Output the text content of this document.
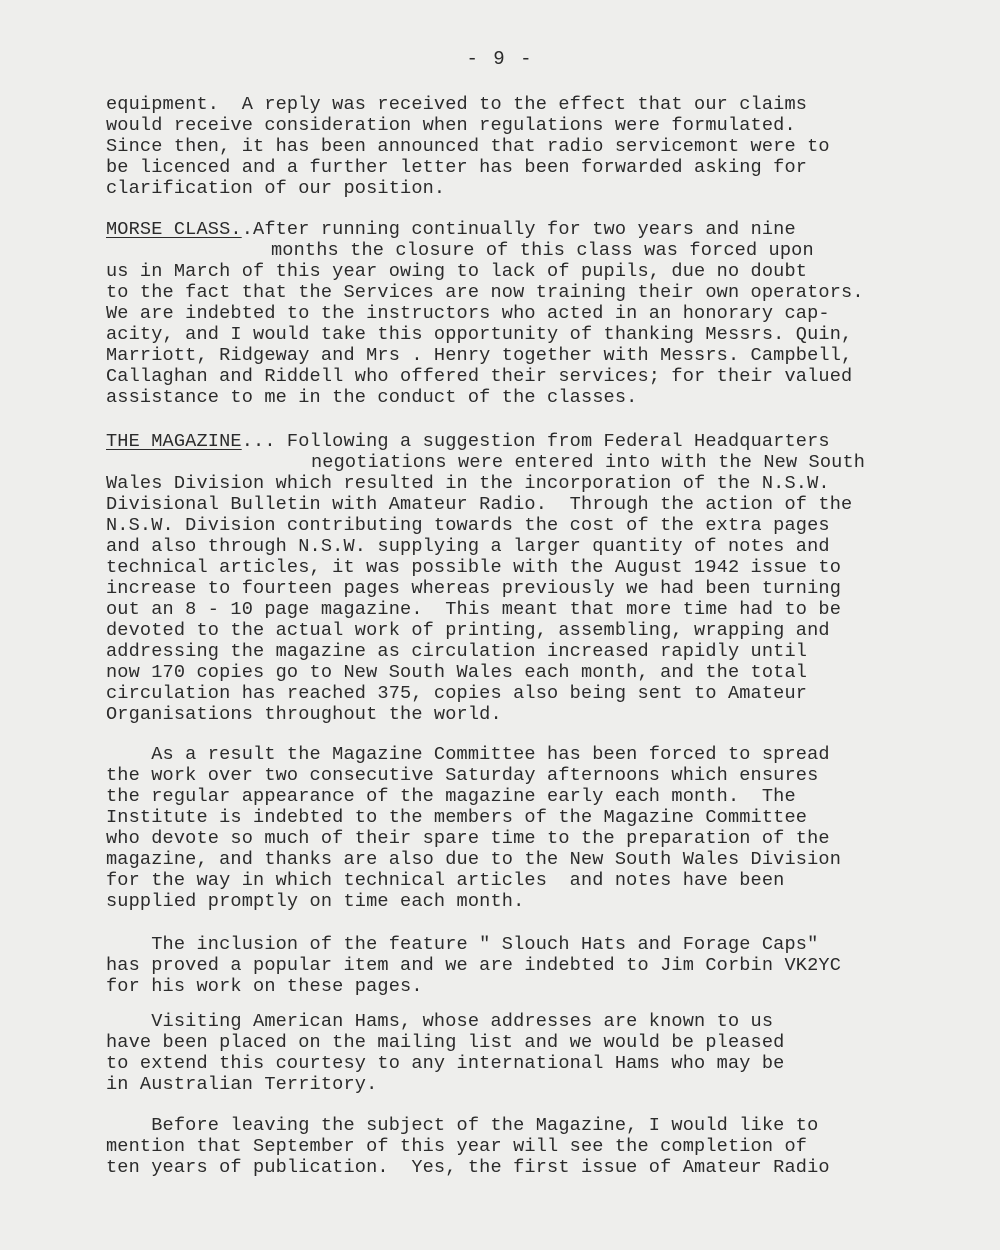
- 9 -

equipment.  A reply was received to the effect that our claims
would receive consideration when regulations were formulated.
Since then, it has been announced that radio servicemont were to
be licenced and a further letter has been forwarded asking for
clarification of our position.

MORSE CLASS..After running continually for two years and nine
months the closure of this class was forced upon
us in March of this year owing to lack of pupils, due no doubt
to the fact that the Services are now training their own operators.
We are indebted to the instructors who acted in an honorary cap-
acity, and I would take this opportunity of thanking Messrs. Quin,
Marriott, Ridgeway and Mrs . Henry together with Messrs. Campbell,
Callaghan and Riddell who offered their services; for their valued
assistance to me in the conduct of the classes.

THE MAGAZINE... Following a suggestion from Federal Headquarters
negotiations were entered into with the New South
Wales Division which resulted in the incorporation of the N.S.W.
Divisional Bulletin with Amateur Radio.  Through the action of the
N.S.W. Division contributing towards the cost of the extra pages
and also through N.S.W. supplying a larger quantity of notes and
technical articles, it was possible with the August 1942 issue to
increase to fourteen pages whereas previously we had been turning
out an 8 - 10 page magazine.  This meant that more time had to be
devoted to the actual work of printing, assembling, wrapping and
addressing the magazine as circulation increased rapidly until
now 170 copies go to New South Wales each month, and the total
circulation has reached 375, copies also being sent to Amateur
Organisations throughout the world.

As a result the Magazine Committee has been forced to spread
the work over two consecutive Saturday afternoons which ensures
the regular appearance of the magazine early each month.  The
Institute is indebted to the members of the Magazine Committee
who devote so much of their spare time to the preparation of the
magazine, and thanks are also due to the New South Wales Division
for the way in which technical articles  and notes have been
supplied promptly on time each month.

The inclusion of the feature " Slouch Hats and Forage Caps"
has proved a popular item and we are indebted to Jim Corbin VK2YC
for his work on these pages.

Visiting American Hams, whose addresses are known to us
have been placed on the mailing list and we would be pleased
to extend this courtesy to any international Hams who may be
in Australian Territory.

Before leaving the subject of the Magazine, I would like to
mention that September of this year will see the completion of
ten years of publication.  Yes, the first issue of Amateur Radio
